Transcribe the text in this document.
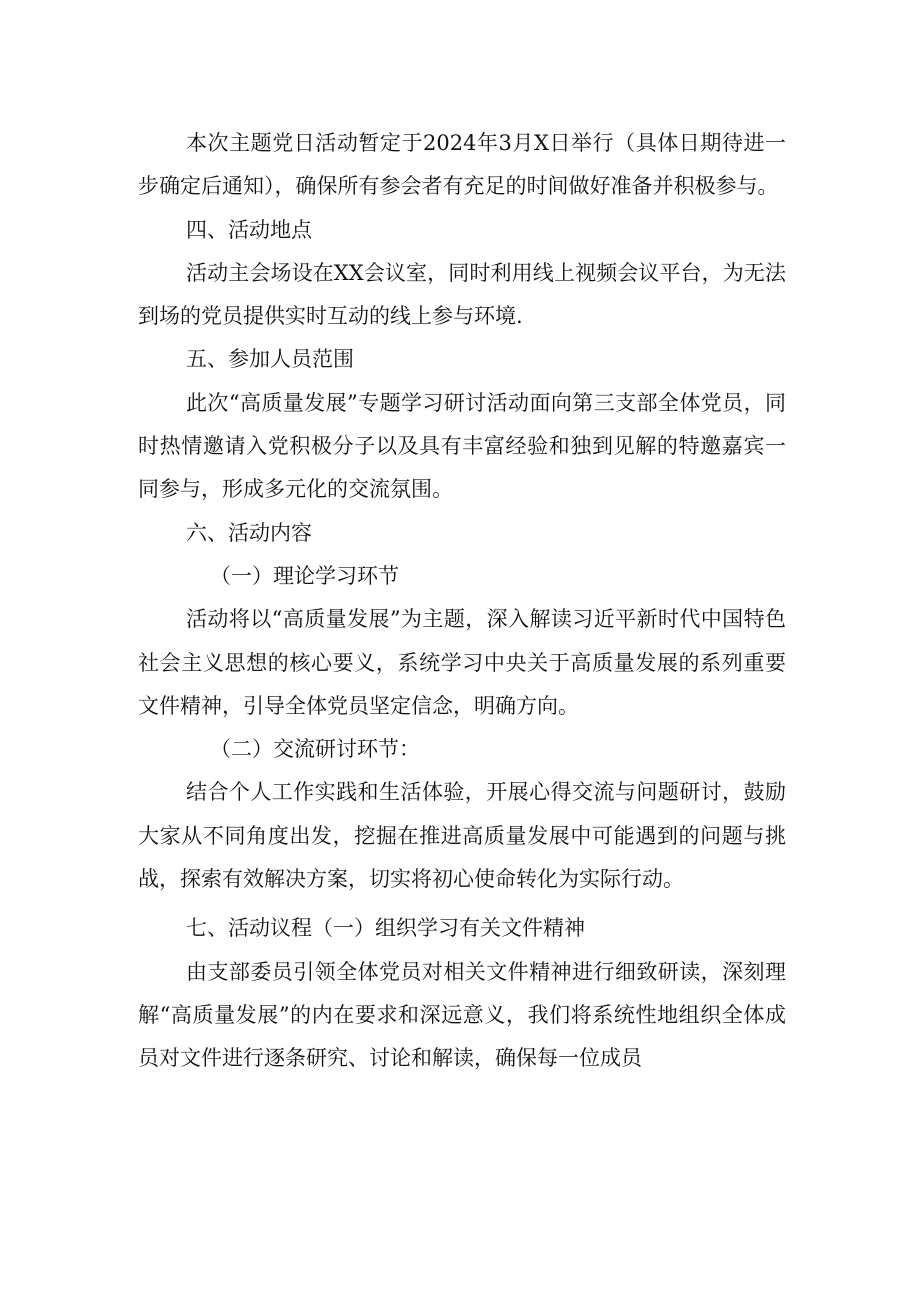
本次主题党日活动暂定于2024年3月X日举行（具体日期待进一步确定后通知），确保所有参会者有充足的时间做好准备并积极参与。

四、活动地点

活动主会场设在XX会议室，同时利用线上视频会议平台，为无法到场的党员提供实时互动的线上参与环境.

五、参加人员范围

此次“高质量发展”专题学习研讨活动面向第三支部全体党员，同时热情邀请入党积极分子以及具有丰富经验和独到见解的特邀嘉宾一同参与，形成多元化的交流氛围。

六、活动内容
（一）理论学习环节

活动将以“高质量发展”为主题，深入解读习近平新时代中国特色社会主义思想的核心要义，系统学习中央关于高质量发展的系列重要文件精神，引导全体党员坚定信念，明确方向。

（二）交流研讨环节：

结合个人工作实践和生活体验，开展心得交流与问题研讨，鼓励大家从不同角度出发，挖掘在推进高质量发展中可能遇到的问题与挑战，探索有效解决方案，切实将初心使命转化为实际行动。

七、活动议程（一）组织学习有关文件精神

由支部委员引领全体党员对相关文件精神进行细致研读，深刻理解“高质量发展”的内在要求和深远意义，我们将系统性地组织全体成员对文件进行逐条研究、讨论和解读，确保每一位成员
